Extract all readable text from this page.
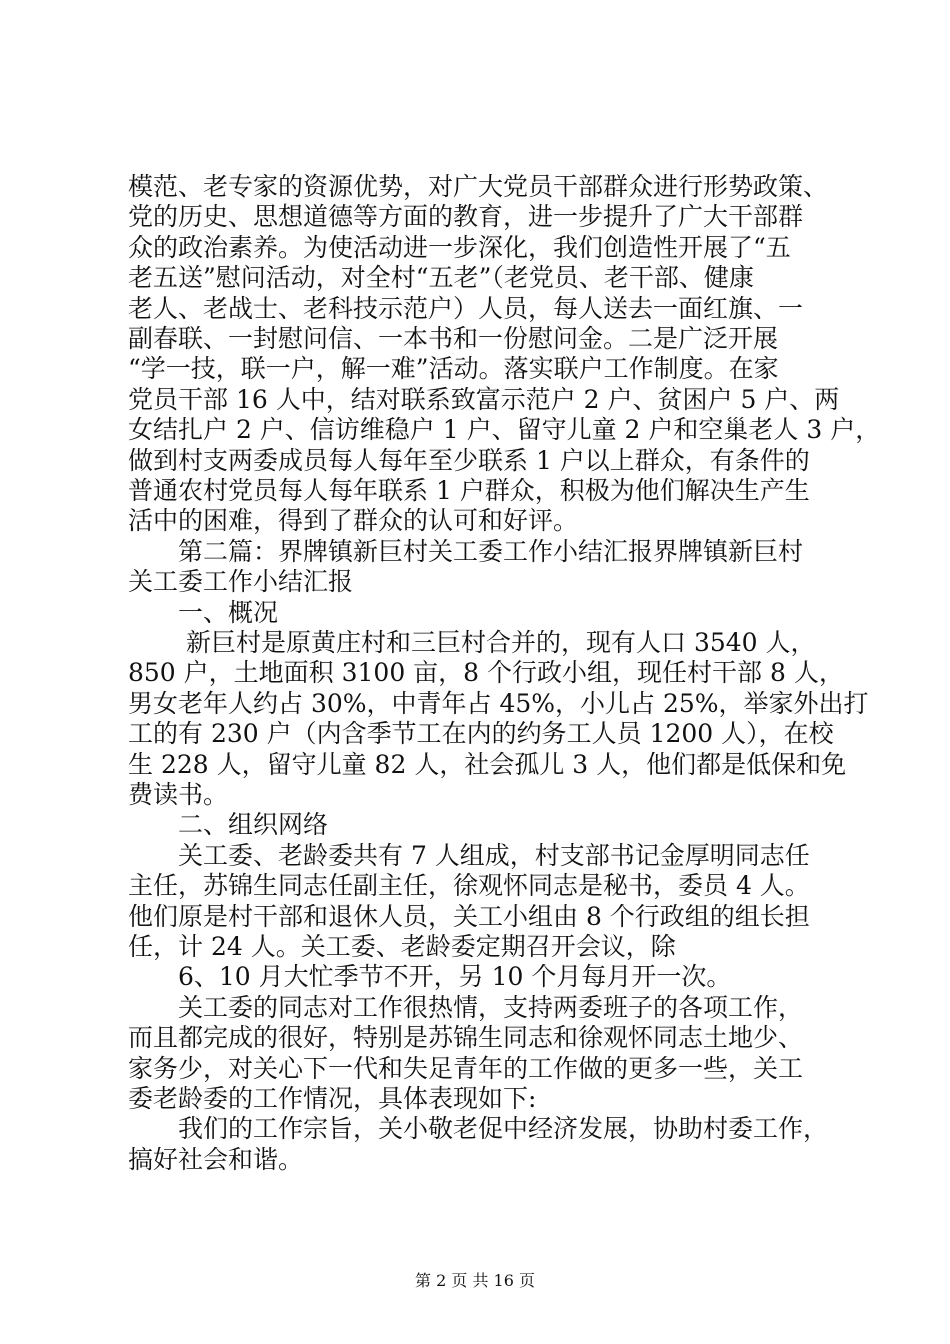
模范、老专家的资源优势，对广大党员干部群众进行形势政策、
党的历史、思想道德等方面的教育，进一步提升了广大干部群
众的政治素养。为使活动进一步深化，我们创造性开展了“五
老五送”慰问活动，对全村“五老”（老党员、老干部、健康
老人、老战士、老科技示范户）人员，每人送去一面红旗、一
副春联、一封慰问信、一本书和一份慰问金。二是广泛开展
“学一技，联一户，解一难”活动。落实联户工作制度。在家
党员干部 16 人中，结对联系致富示范户 2 户、贫困户 5 户、两
女结扎户 2 户、信访维稳户 1 户、留守儿童 2 户和空巢老人 3 户，
做到村支两委成员每人每年至少联系 1 户以上群众，有条件的
普通农村党员每人每年联系 1 户群众，积极为他们解决生产生
活中的困难，得到了群众的认可和好评。
第二篇：界牌镇新巨村关工委工作小结汇报界牌镇新巨村
关工委工作小结汇报
一、概况
新巨村是原黄庄村和三巨村合并的，现有人口 3540 人，
850 户，土地面积 3100 亩，8 个行政小组，现任村干部 8 人，
男女老年人约占 30%，中青年占 45%，小儿占 25%，举家外出打
工的有 230 户（内含季节工在内的约务工人员 1200 人），在校
生 228 人，留守儿童 82 人，社会孤儿 3 人，他们都是低保和免
费读书。
二、组织网络
关工委、老龄委共有 7 人组成，村支部书记金厚明同志任
主任，苏锦生同志任副主任，徐观怀同志是秘书，委员 4 人。
他们原是村干部和退休人员，关工小组由 8 个行政组的组长担
任，计 24 人。关工委、老龄委定期召开会议，除
6、10 月大忙季节不开，另 10 个月每月开一次。
关工委的同志对工作很热情，支持两委班子的各项工作，
而且都完成的很好，特别是苏锦生同志和徐观怀同志土地少、
家务少，对关心下一代和失足青年的工作做的更多一些，关工
委老龄委的工作情况，具体表现如下:
我们的工作宗旨，关小敬老促中经济发展，协助村委工作，
搞好社会和谐。
第 2 页 共 16 页
